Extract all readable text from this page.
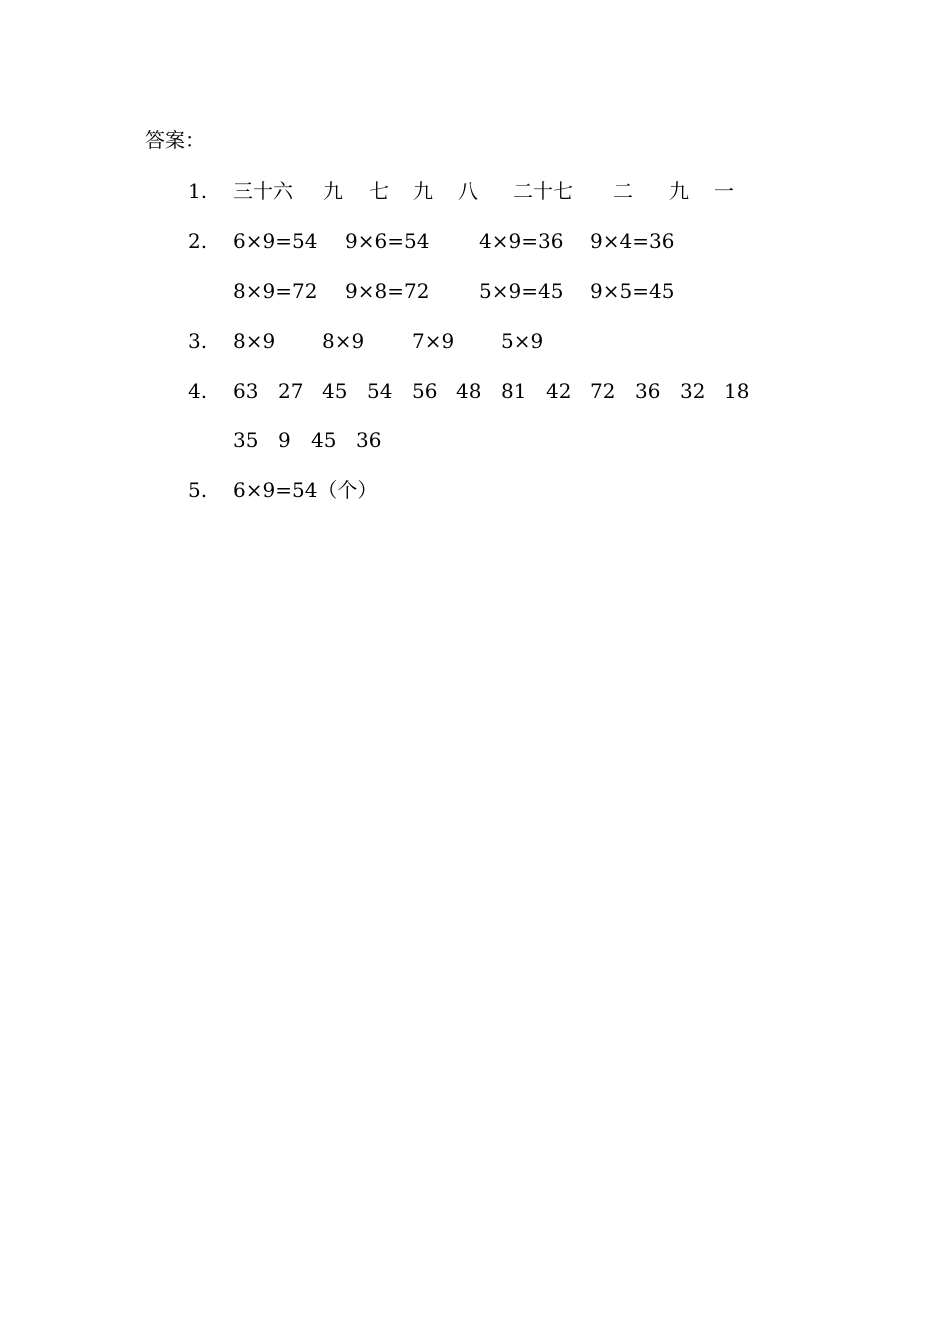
答案：
1. 三十六 九 七 九 八 二十七 二 九 一
2. 6×9=54 9×6=54 4×9=36 9×4=36
8×9=72 9×8=72 5×9=45 9×5=45
3. 8×9 8×9 7×9 5×9
4. 63 27 45 54 56 48 81 42 72 36 32 18
35 9 45 36
5. 6×9=54（个）
